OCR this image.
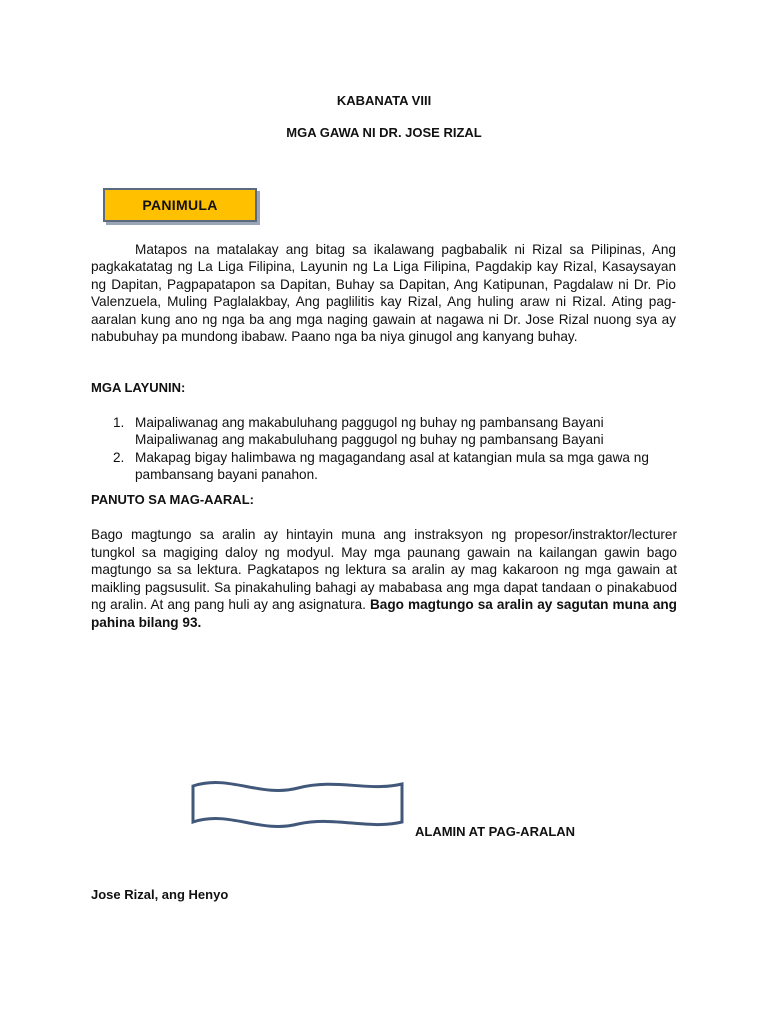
KABANATA VIII
MGA GAWA NI DR. JOSE RIZAL
PANIMULA
Matapos na matalakay ang bitag sa ikalawang pagbabalik ni Rizal sa Pilipinas, Ang pagkakatatag ng La Liga Filipina, Layunin ng La Liga Filipina, Pagdakip kay Rizal, Kasaysayan ng Dapitan, Pagpapatapon sa Dapitan, Buhay sa Dapitan, Ang Katipunan, Pagdalaw ni Dr. Pio Valenzuela, Muling Paglalakbay, Ang paglilitis kay Rizal, Ang huling araw ni Rizal. Ating pag-aaralan kung ano ng nga ba ang mga naging gawain at nagawa ni Dr. Jose Rizal nuong sya ay nabubuhay pa mundong ibabaw. Paano nga ba niya ginugol ang kanyang buhay.
MGA LAYUNIN:
1. Maipaliwanag ang makabuluhang paggugol ng buhay ng pambansang Bayani Maipaliwanag ang makabuluhang paggugol ng buhay ng pambansang Bayani
2. Makapag bigay halimbawa ng magagandang asal at katangian mula sa mga gawa ng pambansang bayani panahon.
PANUTO SA MAG-AARAL:
Bago magtungo sa aralin ay hintayin muna ang instraksyon ng propesor/instraktor/lecturer tungkol sa magiging daloy ng modyul. May mga paunang gawain na kailangan gawin bago magtungo sa sa lektura. Pagkatapos ng lektura sa aralin ay mag kakaroon ng mga gawain at maikling pagsusulit. Sa pinakahuling bahagi ay mababasa ang mga dapat tandaan o pinakabuod ng aralin. At ang pang huli ay ang asignatura. Bago magtungo sa aralin ay sagutan muna ang pahina bilang 93.
ALAMIN AT PAG-ARALAN
Jose Rizal, ang Henyo
